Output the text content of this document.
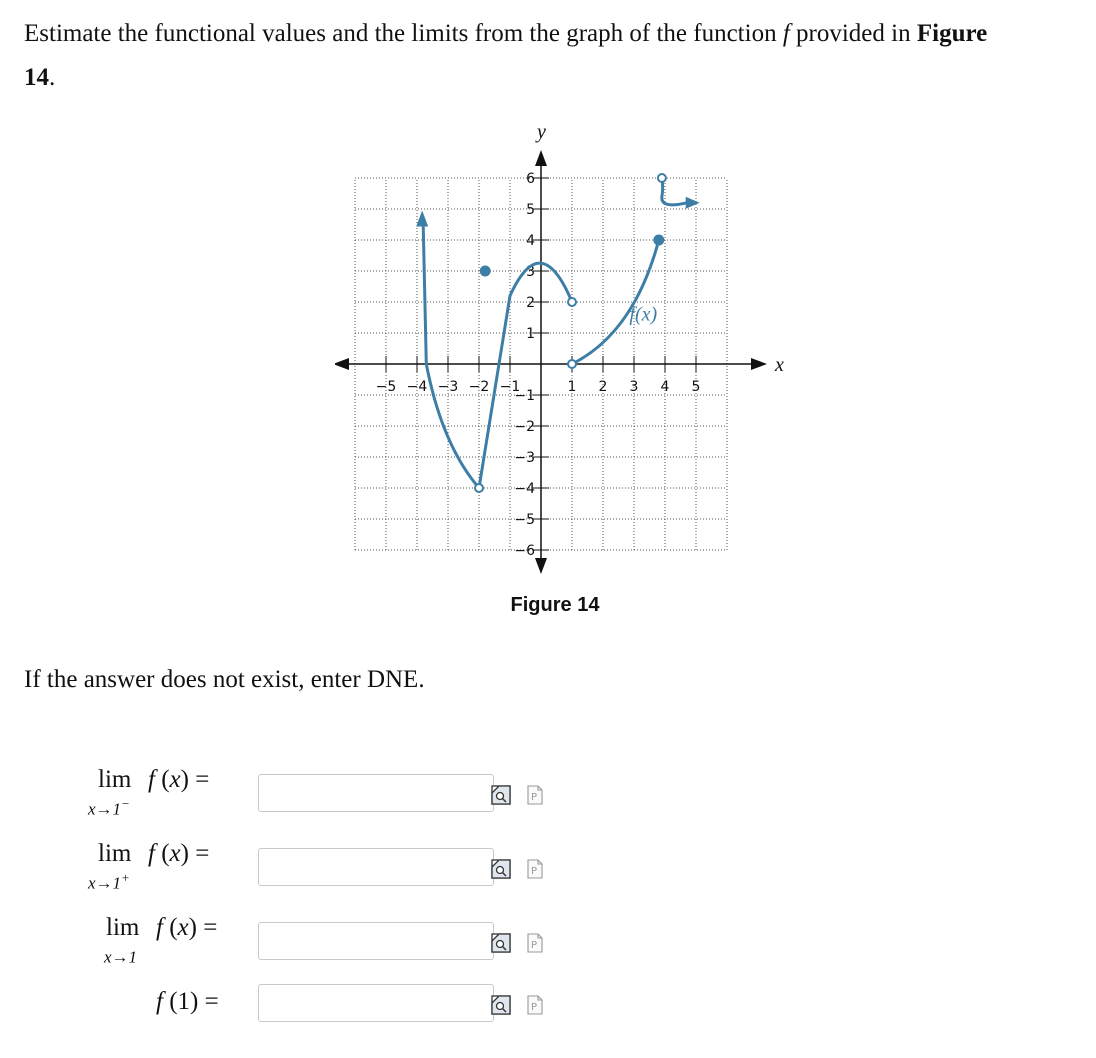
Estimate the functional values and the limits from the graph of the function f provided in Figure
14.
−5 −4 −3 −2 −1	1 2 3 4 5
6
5
4
3
2
1
−1
−2
−3
−4
−5
−6
x
y
f(x)
Figure 14
If the answer does not exist, enter DNE.
lim
x→1−
f (x) =
P
lim
x→1+
f (x) =
P
lim
x→1
f (x) =
P
f (1) =	P
